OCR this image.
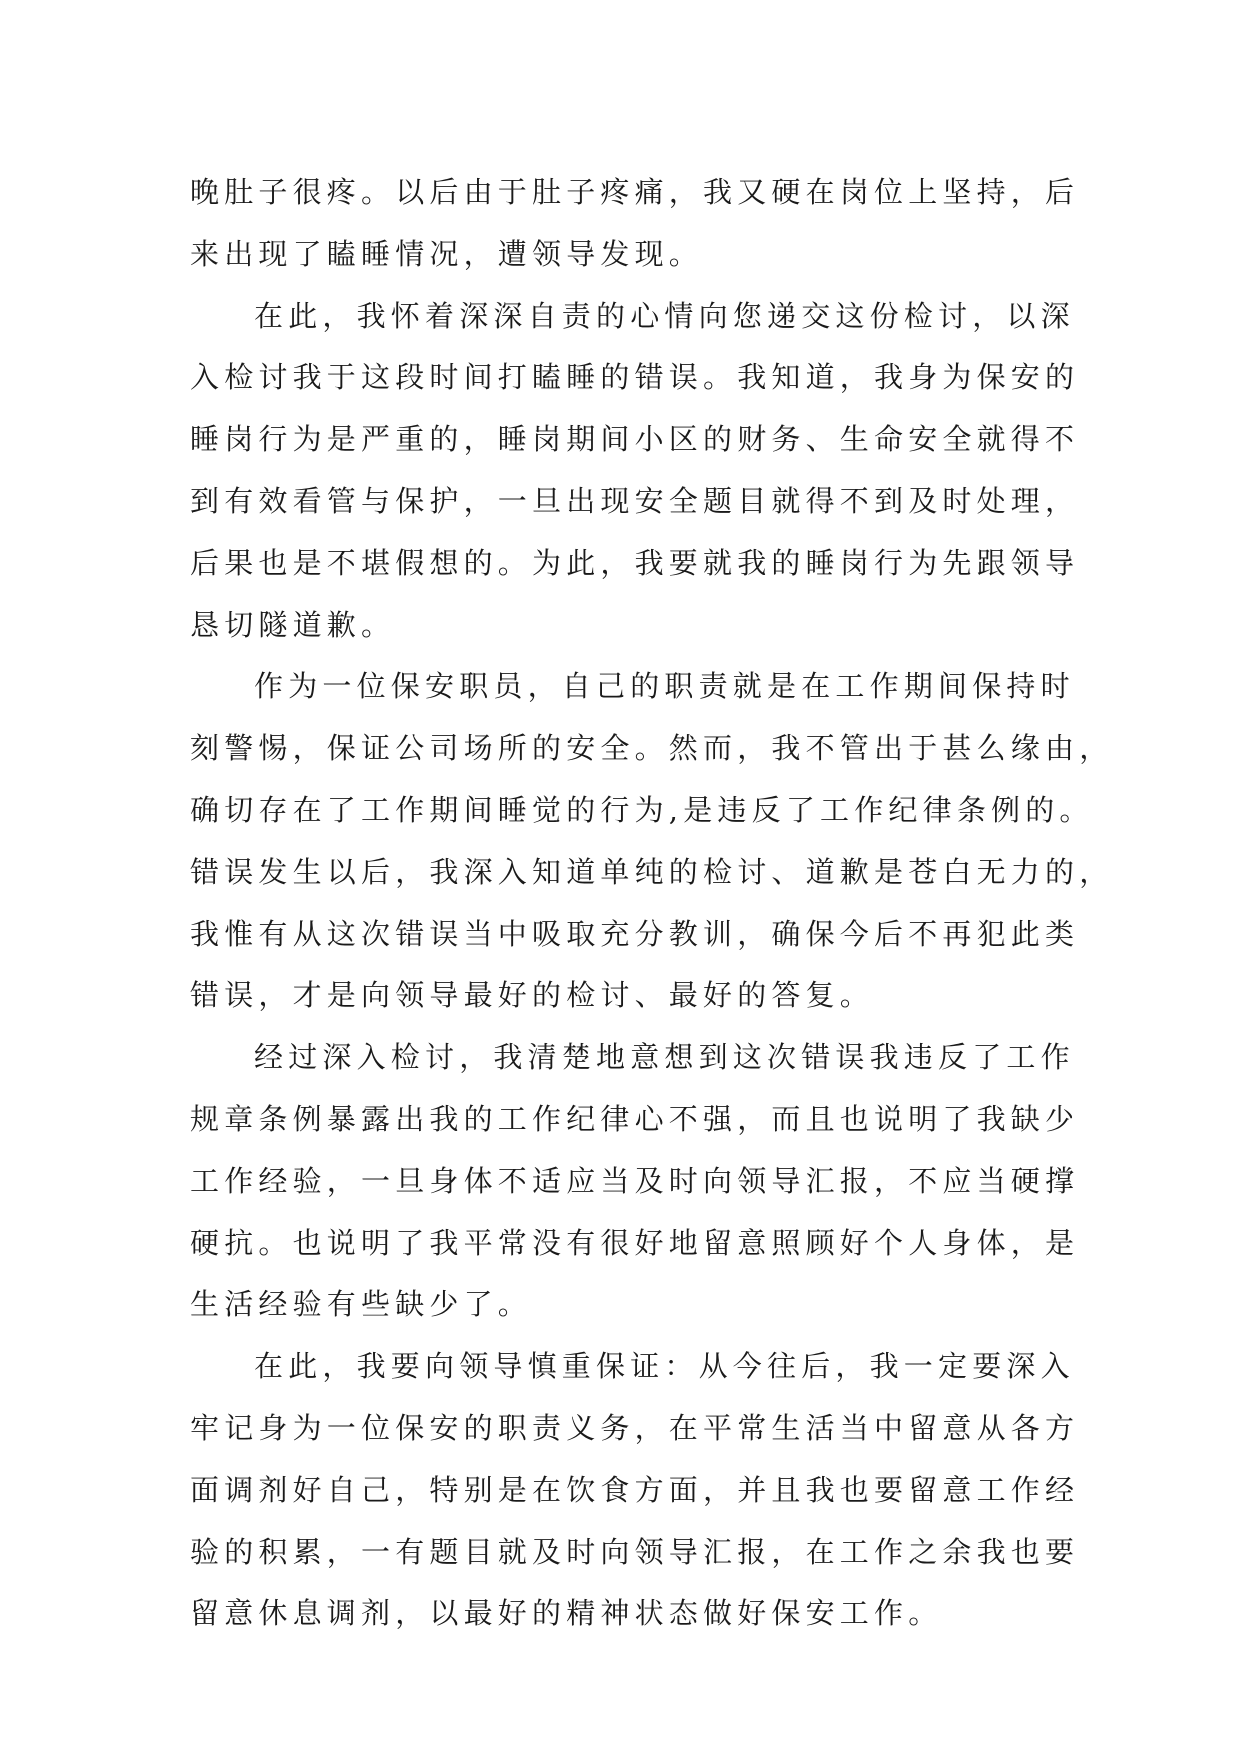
晚肚子很疼。以后由于肚子疼痛，我又硬在岗位上坚持，后
来出现了瞌睡情况，遭领导发现。
在此，我怀着深深自责的心情向您递交这份检讨，以深
入检讨我于这段时间打瞌睡的错误。我知道，我身为保安的
睡岗行为是严重的，睡岗期间小区的财务、生命安全就得不
到有效看管与保护，一旦出现安全题目就得不到及时处理，
后果也是不堪假想的。为此，我要就我的睡岗行为先跟领导
恳切隧道歉。
作为一位保安职员，自己的职责就是在工作期间保持时
刻警惕，保证公司场所的安全。然而，我不管出于甚么缘由，
确切存在了工作期间睡觉的行为,是违反了工作纪律条例的。
错误发生以后，我深入知道单纯的检讨、道歉是苍白无力的，
我惟有从这次错误当中吸取充分教训，确保今后不再犯此类
错误，才是向领导最好的检讨、最好的答复。
经过深入检讨，我清楚地意想到这次错误我违反了工作
规章条例暴露出我的工作纪律心不强，而且也说明了我缺少
工作经验，一旦身体不适应当及时向领导汇报，不应当硬撑
硬抗。也说明了我平常没有很好地留意照顾好个人身体，是
生活经验有些缺少了。
在此，我要向领导慎重保证：从今往后，我一定要深入
牢记身为一位保安的职责义务，在平常生活当中留意从各方
面调剂好自己，特别是在饮食方面，并且我也要留意工作经
验的积累，一有题目就及时向领导汇报，在工作之余我也要
留意休息调剂，以最好的精神状态做好保安工作。
